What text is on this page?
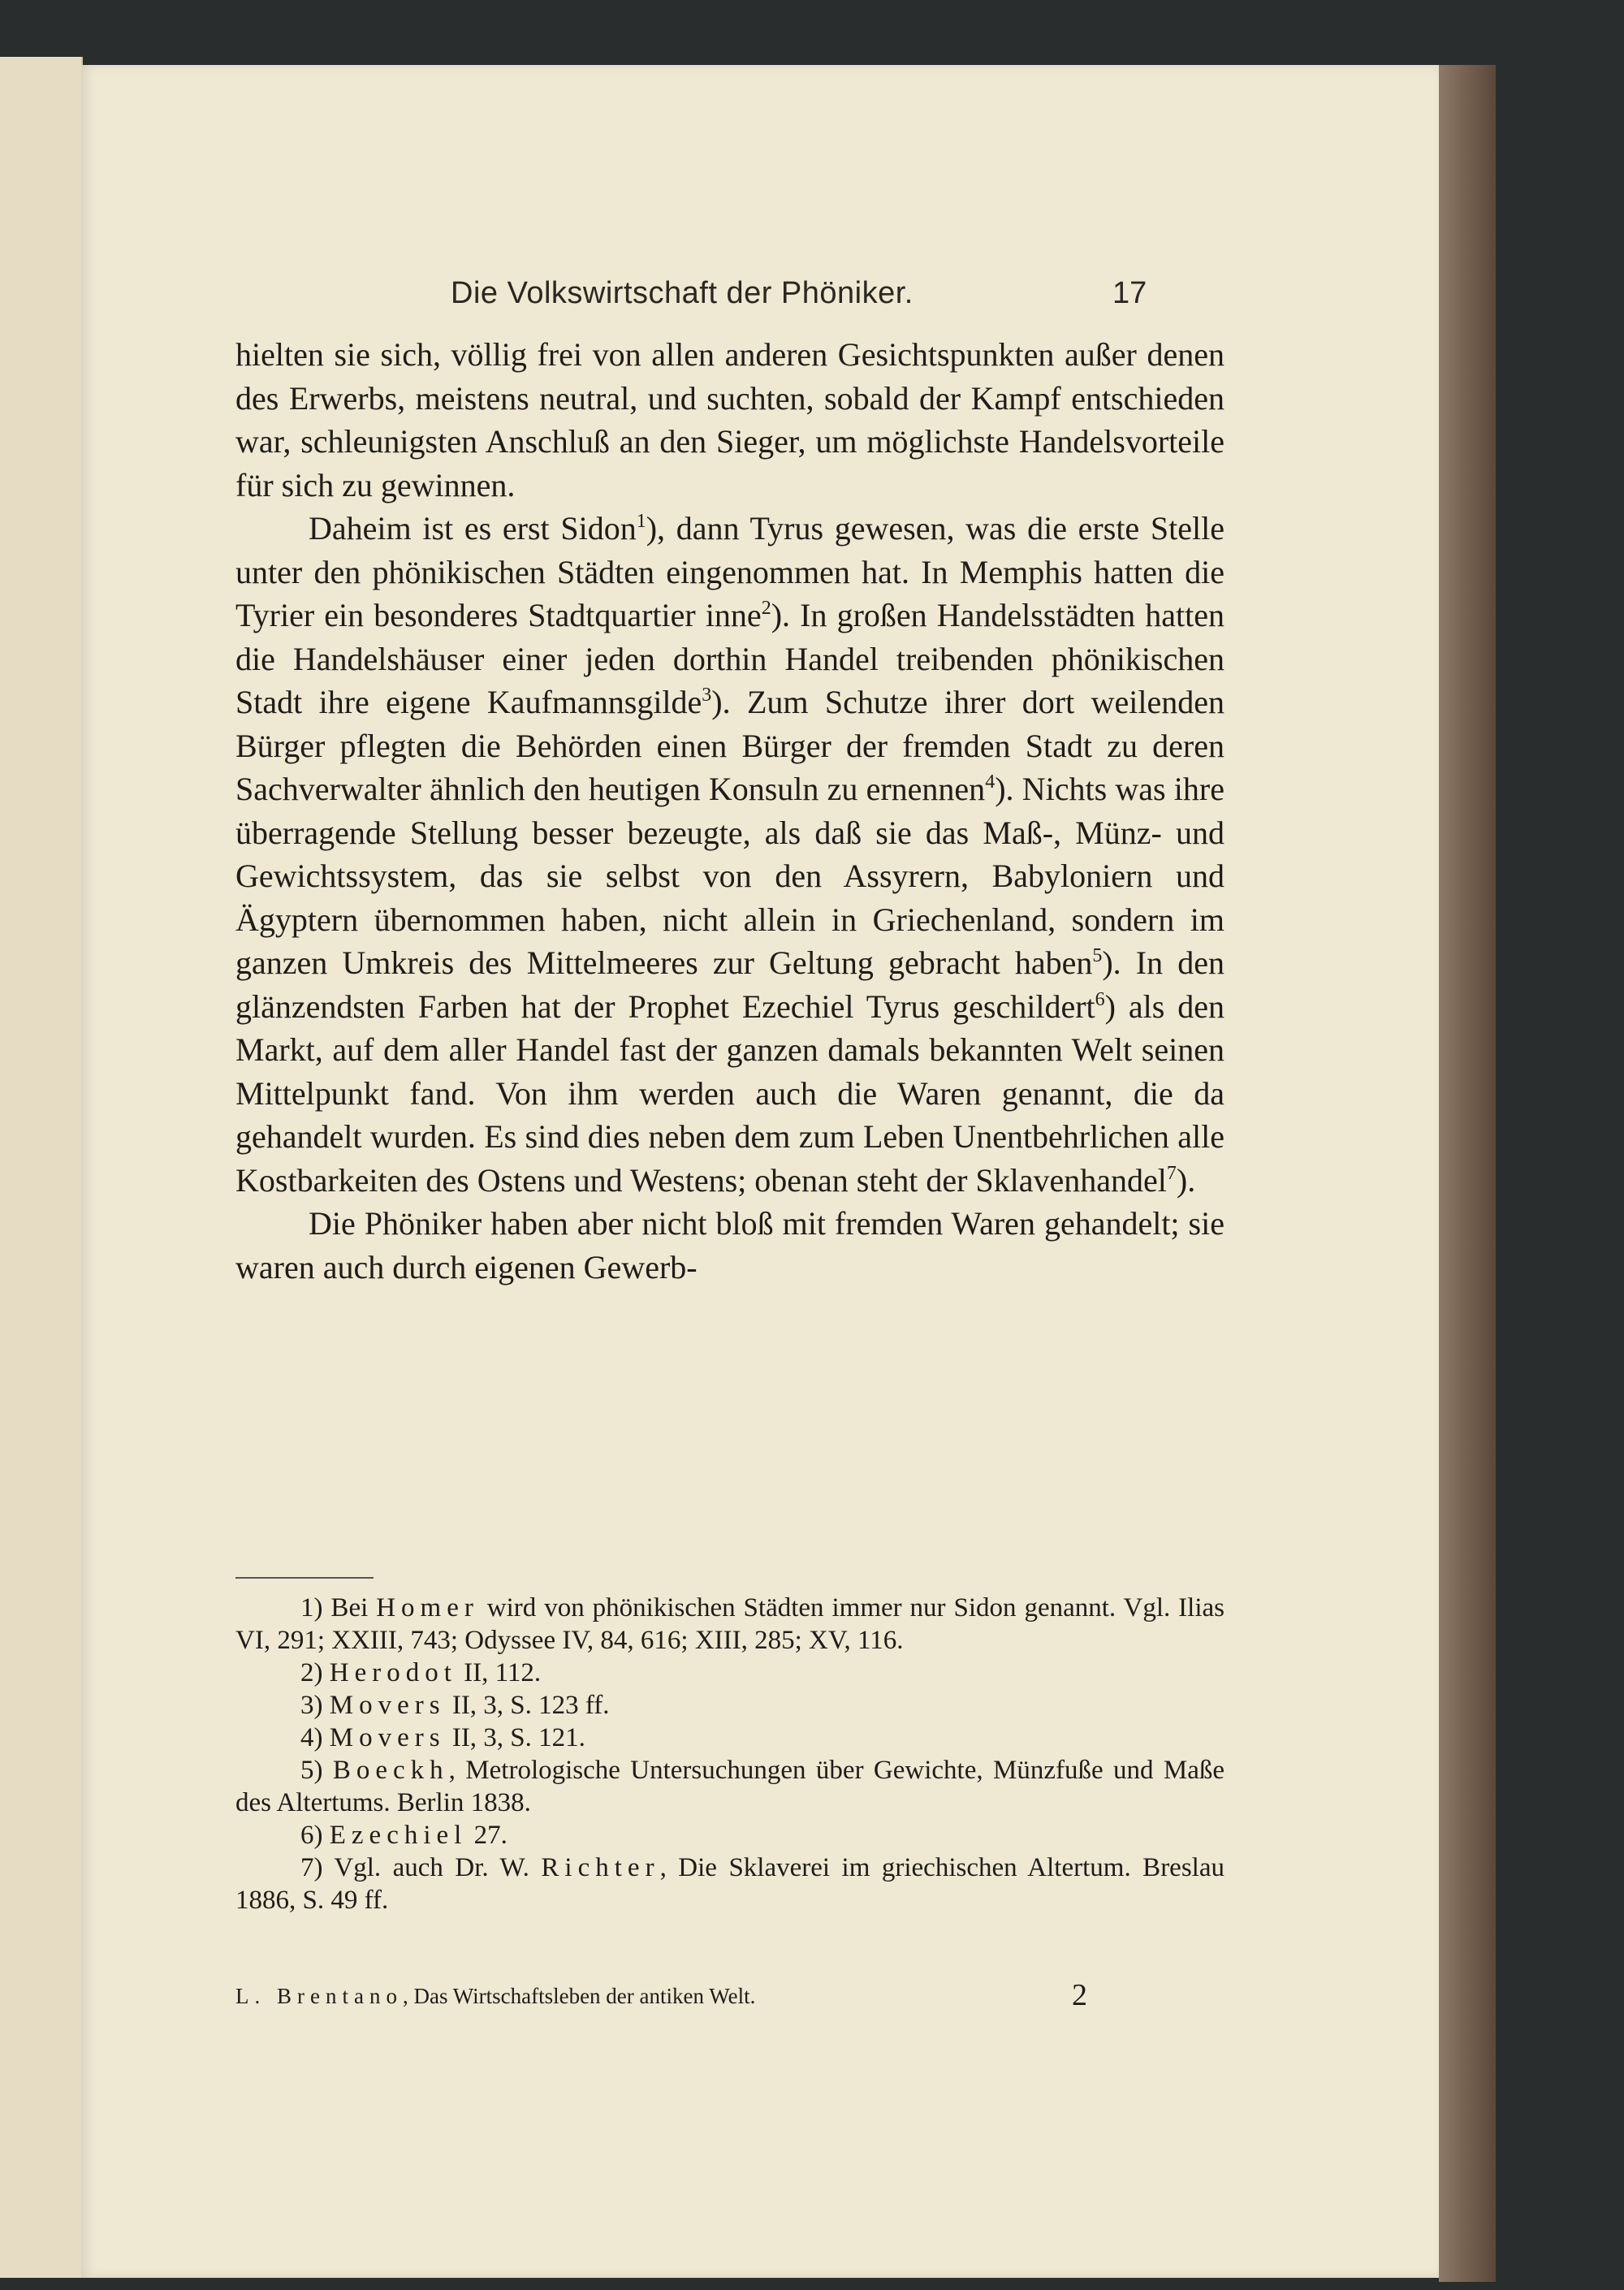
Die Volkswirtschaft der Phöniker.	17

hielten sie sich, völlig frei von allen anderen Gesichtspunkten außer denen des Erwerbs, meistens neutral, und suchten, sobald der Kampf entschieden war, schleunigsten Anschluß an den Sieger, um möglichste Handelsvorteile für sich zu gewinnen.

Daheim ist es erst Sidon$^1$), dann Tyrus gewesen, was die erste Stelle unter den phönikischen Städten eingenommen hat. In Memphis hatten die Tyrier ein besonderes Stadtquartier inne$^2$). In großen Handelsstädten hatten die Handelshäuser einer jeden dorthin Handel treibenden phönikischen Stadt ihre eigene Kaufmannsgilde$^3$). Zum Schutze ihrer dort weilenden Bürger pflegten die Behörden einen Bürger der fremden Stadt zu deren Sachverwalter ähnlich den heutigen Konsuln zu ernennen$^4$). Nichts was ihre überragende Stellung besser bezeugte, als daß sie das Maß-, Münz- und Gewichtssystem, das sie selbst von den Assyrern, Babyloniern und Ägyptern übernommen haben, nicht allein in Griechenland, sondern im ganzen Umkreis des Mittelmeeres zur Geltung gebracht haben$^5$). In den glänzendsten Farben hat der Prophet Ezechiel Tyrus geschildert$^6$) als den Markt, auf dem aller Handel fast der ganzen damals bekannten Welt seinen Mittelpunkt fand. Von ihm werden auch die Waren genannt, die da gehandelt wurden. Es sind dies neben dem zum Leben Unentbehrlichen alle Kostbarkeiten des Ostens und Westens; obenan steht der Sklavenhandel$^7$).

Die Phöniker haben aber nicht bloß mit fremden Waren gehandelt; sie waren auch durch eigenen Gewerb-

1) Bei Homer wird von phönikischen Städten immer nur Sidon genannt. Vgl. Ilias VI, 291; XXIII, 743; Odyssee IV, 84, 616; XIII, 285; XV, 116.

2) Herodot II, 112.

3) Movers II, 3, S. 123 ff.

4) Movers II, 3, S. 121.

5) Boeckh, Metrologische Untersuchungen über Gewichte, Münzfuße und Maße des Altertums. Berlin 1838.

6) Ezechiel 27.

7) Vgl. auch Dr. W. Richter, Die Sklaverei im griechischen Altertum. Breslau 1886, S. 49 ff.

L. Brentano, Das Wirtschaftsleben der antiken Welt.	2
